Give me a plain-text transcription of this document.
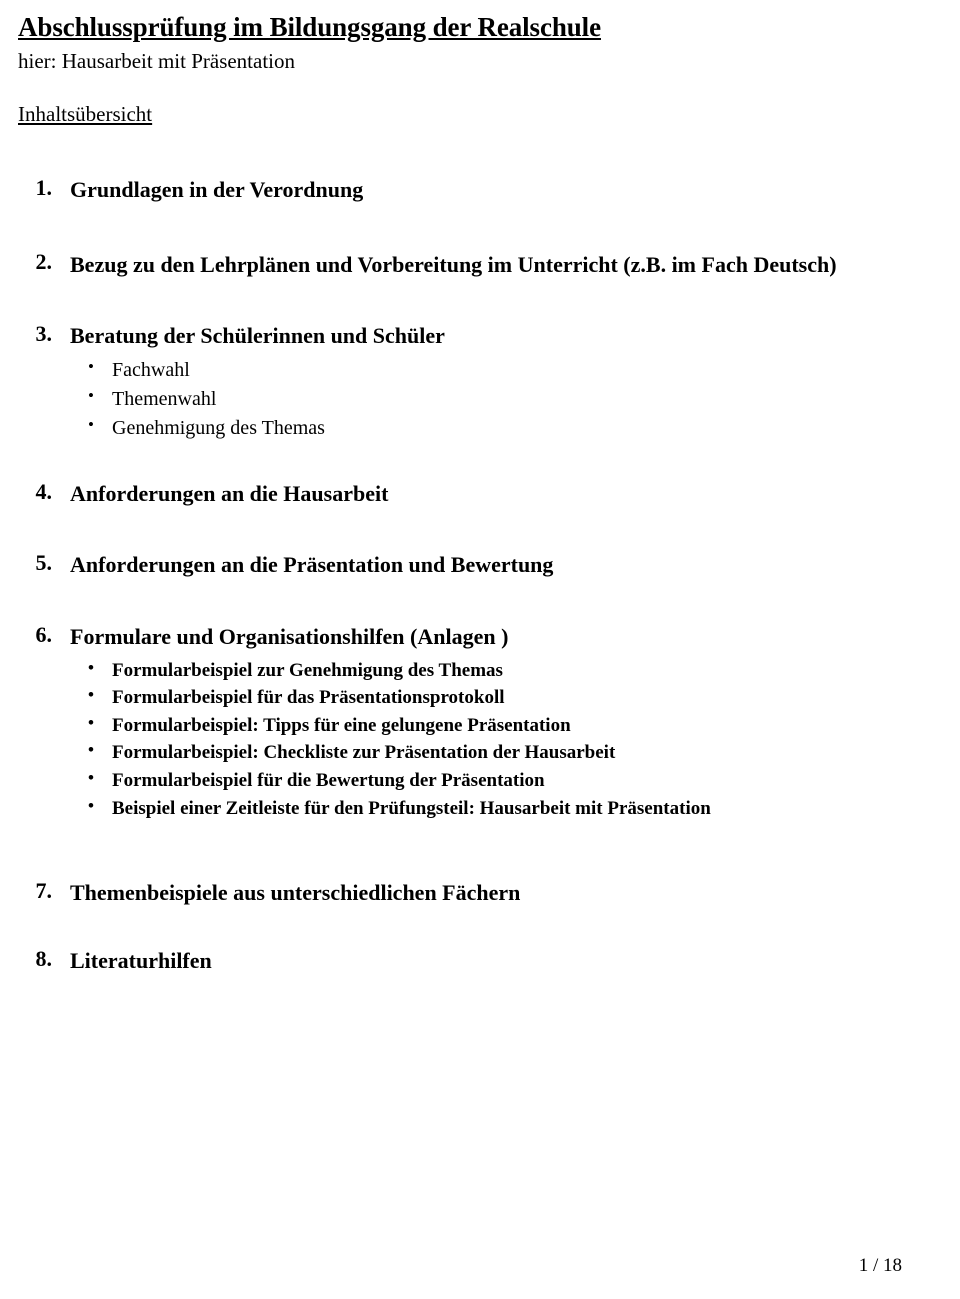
Abschlussprüfung im Bildungsgang der Realschule
hier: Hausarbeit mit Präsentation
Inhaltsübersicht
1. Grundlagen in der Verordnung
2. Bezug zu den Lehrplänen und Vorbereitung im Unterricht (z.B. im Fach Deutsch)
3. Beratung der Schülerinnen und Schüler
• Fachwahl
• Themenwahl
• Genehmigung des Themas
4. Anforderungen an die Hausarbeit
5. Anforderungen an die Präsentation und Bewertung
6. Formulare und Organisationshilfen (Anlagen )
• Formularbeispiel zur Genehmigung des Themas
• Formularbeispiel für das Präsentationsprotokoll
• Formularbeispiel: Tipps für eine gelungene Präsentation
• Formularbeispiel: Checkliste zur Präsentation der Hausarbeit
• Formularbeispiel für die Bewertung der Präsentation
• Beispiel einer Zeitleiste für den Prüfungsteil: Hausarbeit mit Präsentation
7. Themenbeispiele aus unterschiedlichen Fächern
8. Literaturhilfen
1 / 18
